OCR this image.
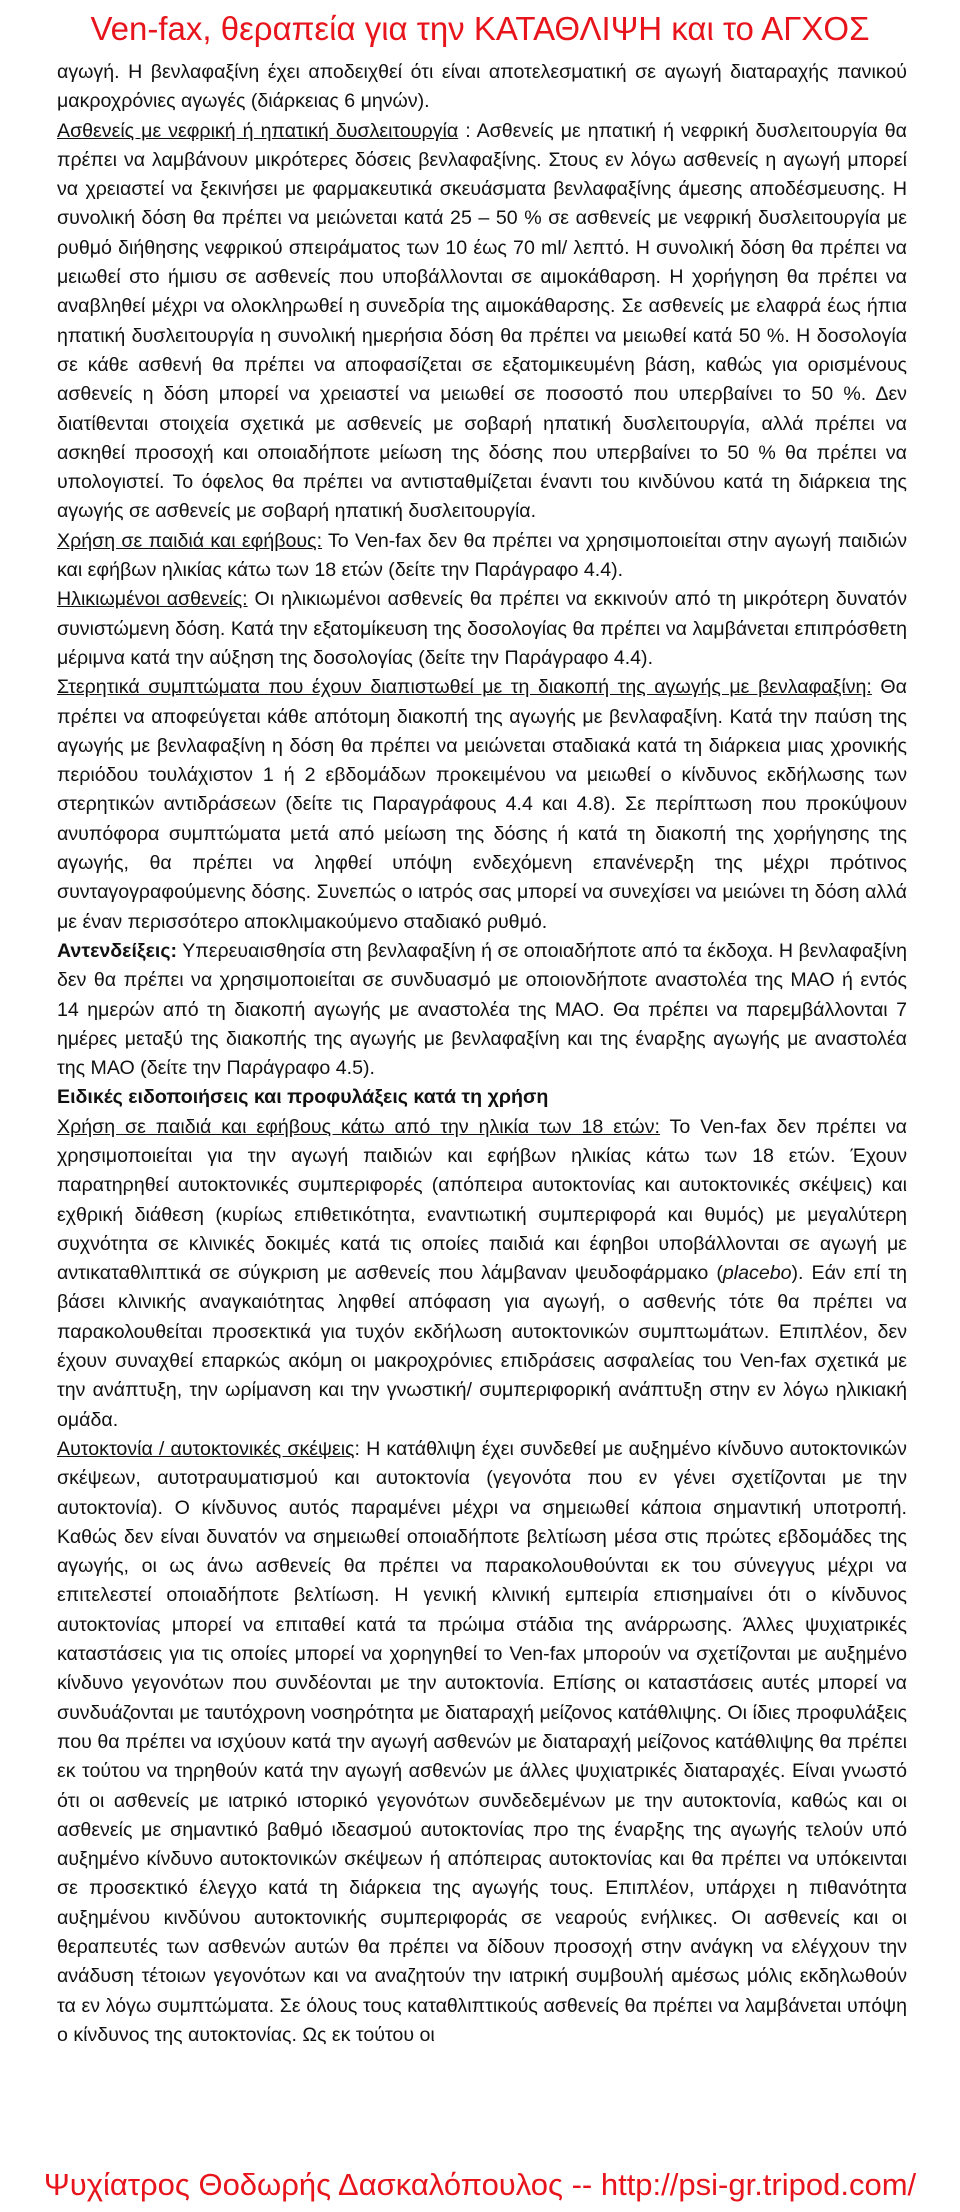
Ven-fax, θεραπεία για την ΚΑΤΑΘΛΙΨΗ και το ΑΓΧΟΣ

αγωγή. Η βενλαφαξίνη έχει αποδειχθεί ότι είναι αποτελεσματική σε αγωγή διαταραχής πανικού μακροχρόνιες αγωγές (διάρκειας 6 μηνών).

Ασθενείς με νεφρική ή ηπατική δυσλειτουργία : Ασθενείς με ηπατική ή νεφρική δυσλειτουργία θα πρέπει να λαμβάνουν μικρότερες δόσεις βενλαφαξίνης. Στους εν λόγω ασθενείς η αγωγή μπορεί να χρειαστεί να ξεκινήσει με φαρμακευτικά σκευάσματα βενλαφαξίνης άμεσης αποδέσμευσης. Η συνολική δόση θα πρέπει να μειώνεται κατά 25 – 50 % σε ασθενείς με νεφρική δυσλειτουργία με ρυθμό διήθησης νεφρικού σπειράματος των 10 έως 70 ml/ λεπτό. Η συνολική δόση θα πρέπει να μειωθεί στο ήμισυ σε ασθενείς που υποβάλλονται σε αιμοκάθαρση. Η χορήγηση θα πρέπει να αναβληθεί μέχρι να ολοκληρωθεί η συνεδρία της αιμοκάθαρσης. Σε ασθενείς με ελαφρά έως ήπια ηπατική δυσλειτουργία η συνολική ημερήσια δόση θα πρέπει να μειωθεί κατά 50 %. Η δοσολογία σε κάθε ασθενή θα πρέπει να αποφασίζεται σε εξατομικευμένη βάση, καθώς για ορισμένους ασθενείς η δόση μπορεί να χρειαστεί να μειωθεί σε ποσοστό που υπερβαίνει το 50 %. Δεν διατίθενται στοιχεία σχετικά με ασθενείς με σοβαρή ηπατική δυσλειτουργία, αλλά πρέπει να ασκηθεί προσοχή και οποιαδήποτε μείωση της δόσης που υπερβαίνει το 50 % θα πρέπει να υπολογιστεί. Το όφελος θα πρέπει να αντισταθμίζεται έναντι του κινδύνου κατά τη διάρκεια της αγωγής σε ασθενείς με σοβαρή ηπατική δυσλειτουργία.

Χρήση σε παιδιά και εφήβους: Το Ven-fax δεν θα πρέπει να χρησιμοποιείται στην αγωγή παιδιών και εφήβων ηλικίας κάτω των 18 ετών (δείτε την Παράγραφο 4.4).

Ηλικιωμένοι ασθενείς: Οι ηλικιωμένοι ασθενείς θα πρέπει να εκκινούν από τη μικρότερη δυνατόν συνιστώμενη δόση. Κατά την εξατομίκευση της δοσολογίας θα πρέπει να λαμβάνεται επιπρόσθετη μέριμνα κατά την αύξηση της δοσολογίας (δείτε την Παράγραφο 4.4).

Στερητικά συμπτώματα που έχουν διαπιστωθεί με τη διακοπή της αγωγής με βενλαφαξίνη: Θα πρέπει να αποφεύγεται κάθε απότομη διακοπή της αγωγής με βενλαφαξίνη. Κατά την παύση της αγωγής με βενλαφαξίνη η δόση θα πρέπει να μειώνεται σταδιακά κατά τη διάρκεια μιας χρονικής περιόδου τουλάχιστον 1 ή 2 εβδομάδων προκειμένου να μειωθεί ο κίνδυνος εκδήλωσης των στερητικών αντιδράσεων (δείτε τις Παραγράφους 4.4 και 4.8). Σε περίπτωση που προκύψουν ανυπόφορα συμπτώματα μετά από μείωση της δόσης ή κατά τη διακοπή της χορήγησης της αγωγής, θα πρέπει να ληφθεί υπόψη ενδεχόμενη επανένερξη της μέχρι πρότινος συνταγογραφούμενης δόσης. Συνεπώς ο ιατρός σας μπορεί να συνεχίσει να μειώνει τη δόση αλλά με έναν περισσότερο αποκλιμακούμενο σταδιακό ρυθμό.

Αντενδείξεις: Υπερευαισθησία στη βενλαφαξίνη ή σε οποιαδήποτε από τα έκδοχα. Η βενλαφαξίνη δεν θα πρέπει να χρησιμοποιείται σε συνδυασμό με οποιονδήποτε αναστολέα της ΜΑΟ ή εντός 14 ημερών από τη διακοπή αγωγής με αναστολέα της ΜΑΟ. Θα πρέπει να παρεμβάλλονται 7 ημέρες μεταξύ της διακοπής της αγωγής με βενλαφαξίνη και της έναρξης αγωγής με αναστολέα της ΜΑΟ (δείτε την Παράγραφο 4.5).

Ειδικές ειδοποιήσεις και προφυλάξεις κατά τη χρήση

Χρήση σε παιδιά και εφήβους κάτω από την ηλικία των 18 ετών: Το Ven-fax δεν πρέπει να χρησιμοποιείται για την αγωγή παιδιών και εφήβων ηλικίας κάτω των 18 ετών. Έχουν παρατηρηθεί αυτοκτονικές συμπεριφορές (απόπειρα αυτοκτονίας και αυτοκτονικές σκέψεις) και εχθρική διάθεση (κυρίως επιθετικότητα, εναντιωτική συμπεριφορά και θυμός) με μεγαλύτερη συχνότητα σε κλινικές δοκιμές κατά τις οποίες παιδιά και έφηβοι υποβάλλονται σε αγωγή με αντικαταθλιπτικά σε σύγκριση με ασθενείς που λάμβαναν ψευδοφάρμακο (placebo). Εάν επί τη βάσει κλινικής αναγκαιότητας ληφθεί απόφαση για αγωγή, ο ασθενής τότε θα πρέπει να παρακολουθείται προσεκτικά για τυχόν εκδήλωση αυτοκτονικών συμπτωμάτων. Επιπλέον, δεν έχουν συναχθεί επαρκώς ακόμη οι μακροχρόνιες επιδράσεις ασφαλείας του Ven-fax σχετικά με την ανάπτυξη, την ωρίμανση και την γνωστική/ συμπεριφορική ανάπτυξη στην εν λόγω ηλικιακή ομάδα.

Αυτοκτονία / αυτοκτονικές σκέψεις: Η κατάθλιψη έχει συνδεθεί με αυξημένο κίνδυνο αυτοκτονικών σκέψεων, αυτοτραυματισμού και αυτοκτονία (γεγονότα που εν γένει σχετίζονται με την αυτοκτονία). Ο κίνδυνος αυτός παραμένει μέχρι να σημειωθεί κάποια σημαντική υποτροπή. Καθώς δεν είναι δυνατόν να σημειωθεί οποιαδήποτε βελτίωση μέσα στις πρώτες εβδομάδες της αγωγής, οι ως άνω ασθενείς θα πρέπει να παρακολουθούνται εκ του σύνεγγυς μέχρι να επιτελεστεί οποιαδήποτε βελτίωση. Η γενική κλινική εμπειρία επισημαίνει ότι ο κίνδυνος αυτοκτονίας μπορεί να επιταθεί κατά τα πρώιμα στάδια της ανάρρωσης. Άλλες ψυχιατρικές καταστάσεις για τις οποίες μπορεί να χορηγηθεί το Ven-fax μπορούν να σχετίζονται με αυξημένο κίνδυνο γεγονότων που συνδέονται με την αυτοκτονία. Επίσης οι καταστάσεις αυτές μπορεί να συνδυάζονται με ταυτόχρονη νοσηρότητα με διαταραχή μείζονος κατάθλιψης. Οι ίδιες προφυλάξεις που θα πρέπει να ισχύουν κατά την αγωγή ασθενών με διαταραχή μείζονος κατάθλιψης θα πρέπει εκ τούτου να τηρηθούν κατά την αγωγή ασθενών με άλλες ψυχιατρικές διαταραχές. Είναι γνωστό ότι οι ασθενείς με ιατρικό ιστορικό γεγονότων συνδεδεμένων με την αυτοκτονία, καθώς και οι ασθενείς με σημαντικό βαθμό ιδεασμού αυτοκτονίας προ της έναρξης της αγωγής τελούν υπό αυξημένο κίνδυνο αυτοκτονικών σκέψεων ή απόπειρας αυτοκτονίας και θα πρέπει να υπόκεινται σε προσεκτικό έλεγχο κατά τη διάρκεια της αγωγής τους. Επιπλέον, υπάρχει η πιθανότητα αυξημένου κινδύνου αυτοκτονικής συμπεριφοράς σε νεαρούς ενήλικες. Οι ασθενείς και οι θεραπευτές των ασθενών αυτών θα πρέπει να δίδουν προσοχή στην ανάγκη να ελέγχουν την ανάδυση τέτοιων γεγονότων και να αναζητούν την ιατρική συμβουλή αμέσως μόλις εκδηλωθούν τα εν λόγω συμπτώματα. Σε όλους τους καταθλιπτικούς ασθενείς θα πρέπει να λαμβάνεται υπόψη ο κίνδυνος της αυτοκτονίας. Ως εκ τούτου οι

Ψυχίατρος Θοδωρής Δασκαλόπουλος -- http://psi-gr.tripod.com/
